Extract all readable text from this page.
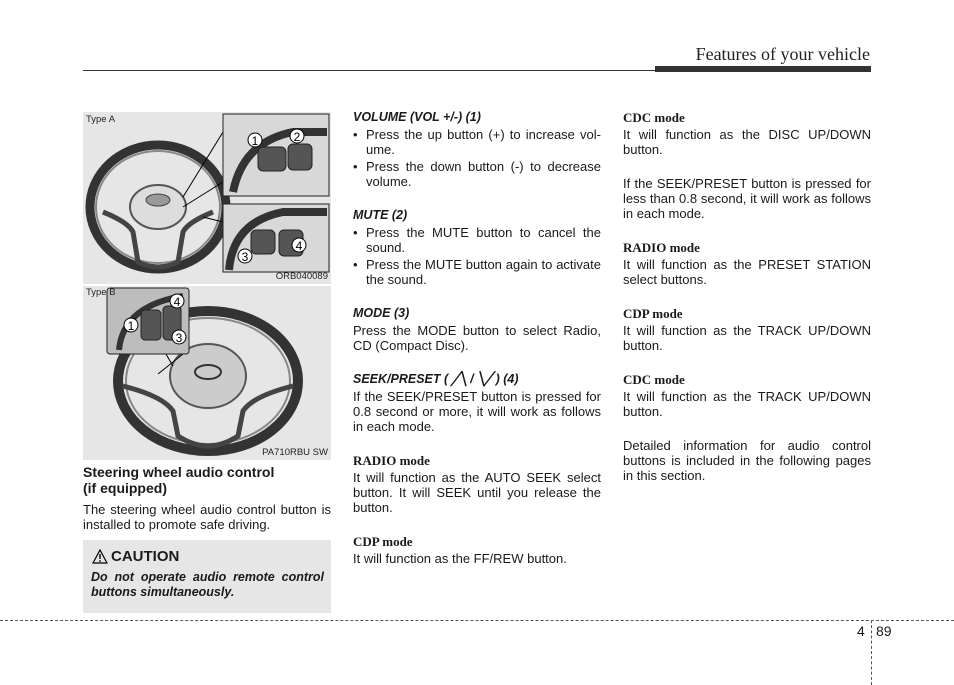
Features of your vehicle
1	2
3
4
Type A
ORB040089
4
1
3
Type B
PA710RBU SW
Steering wheel audio control
(if equipped)

The steering wheel audio control button is installed to promote safe driving.

CAUTION
Do not operate audio remote control buttons simultaneously.

VOLUME (VOL +/-) (1)

• Press the up button (+) to increase volume.
• Press the down button (-) to decrease volume.

MUTE (2)

• Press the MUTE button to cancel the sound.
• Press the MUTE button again to activate the sound.

MODE (3)

Press the MODE button to select Radio, CD (Compact Disc).

SEEK/PRESET ( ╱╲ / ╲╱ ) (4)

If the SEEK/PRESET button is pressed for 0.8 second or more, it will work as follows in each mode.

RADIO mode

It will function as the AUTO SEEK select button. It will SEEK until you release the button.

CDP mode

It will function as the FF/REW button.

CDC mode

It will function as the DISC UP/DOWN button.

If the SEEK/PRESET button is pressed for less than 0.8 second, it will work as follows in each mode.

RADIO mode

It will function as the PRESET STATION select buttons.

CDP mode

It will function as the TRACK UP/DOWN button.

CDC mode

It will function as the TRACK UP/DOWN button.

Detailed information for audio control buttons is included in the following pages in this section.

4 89
